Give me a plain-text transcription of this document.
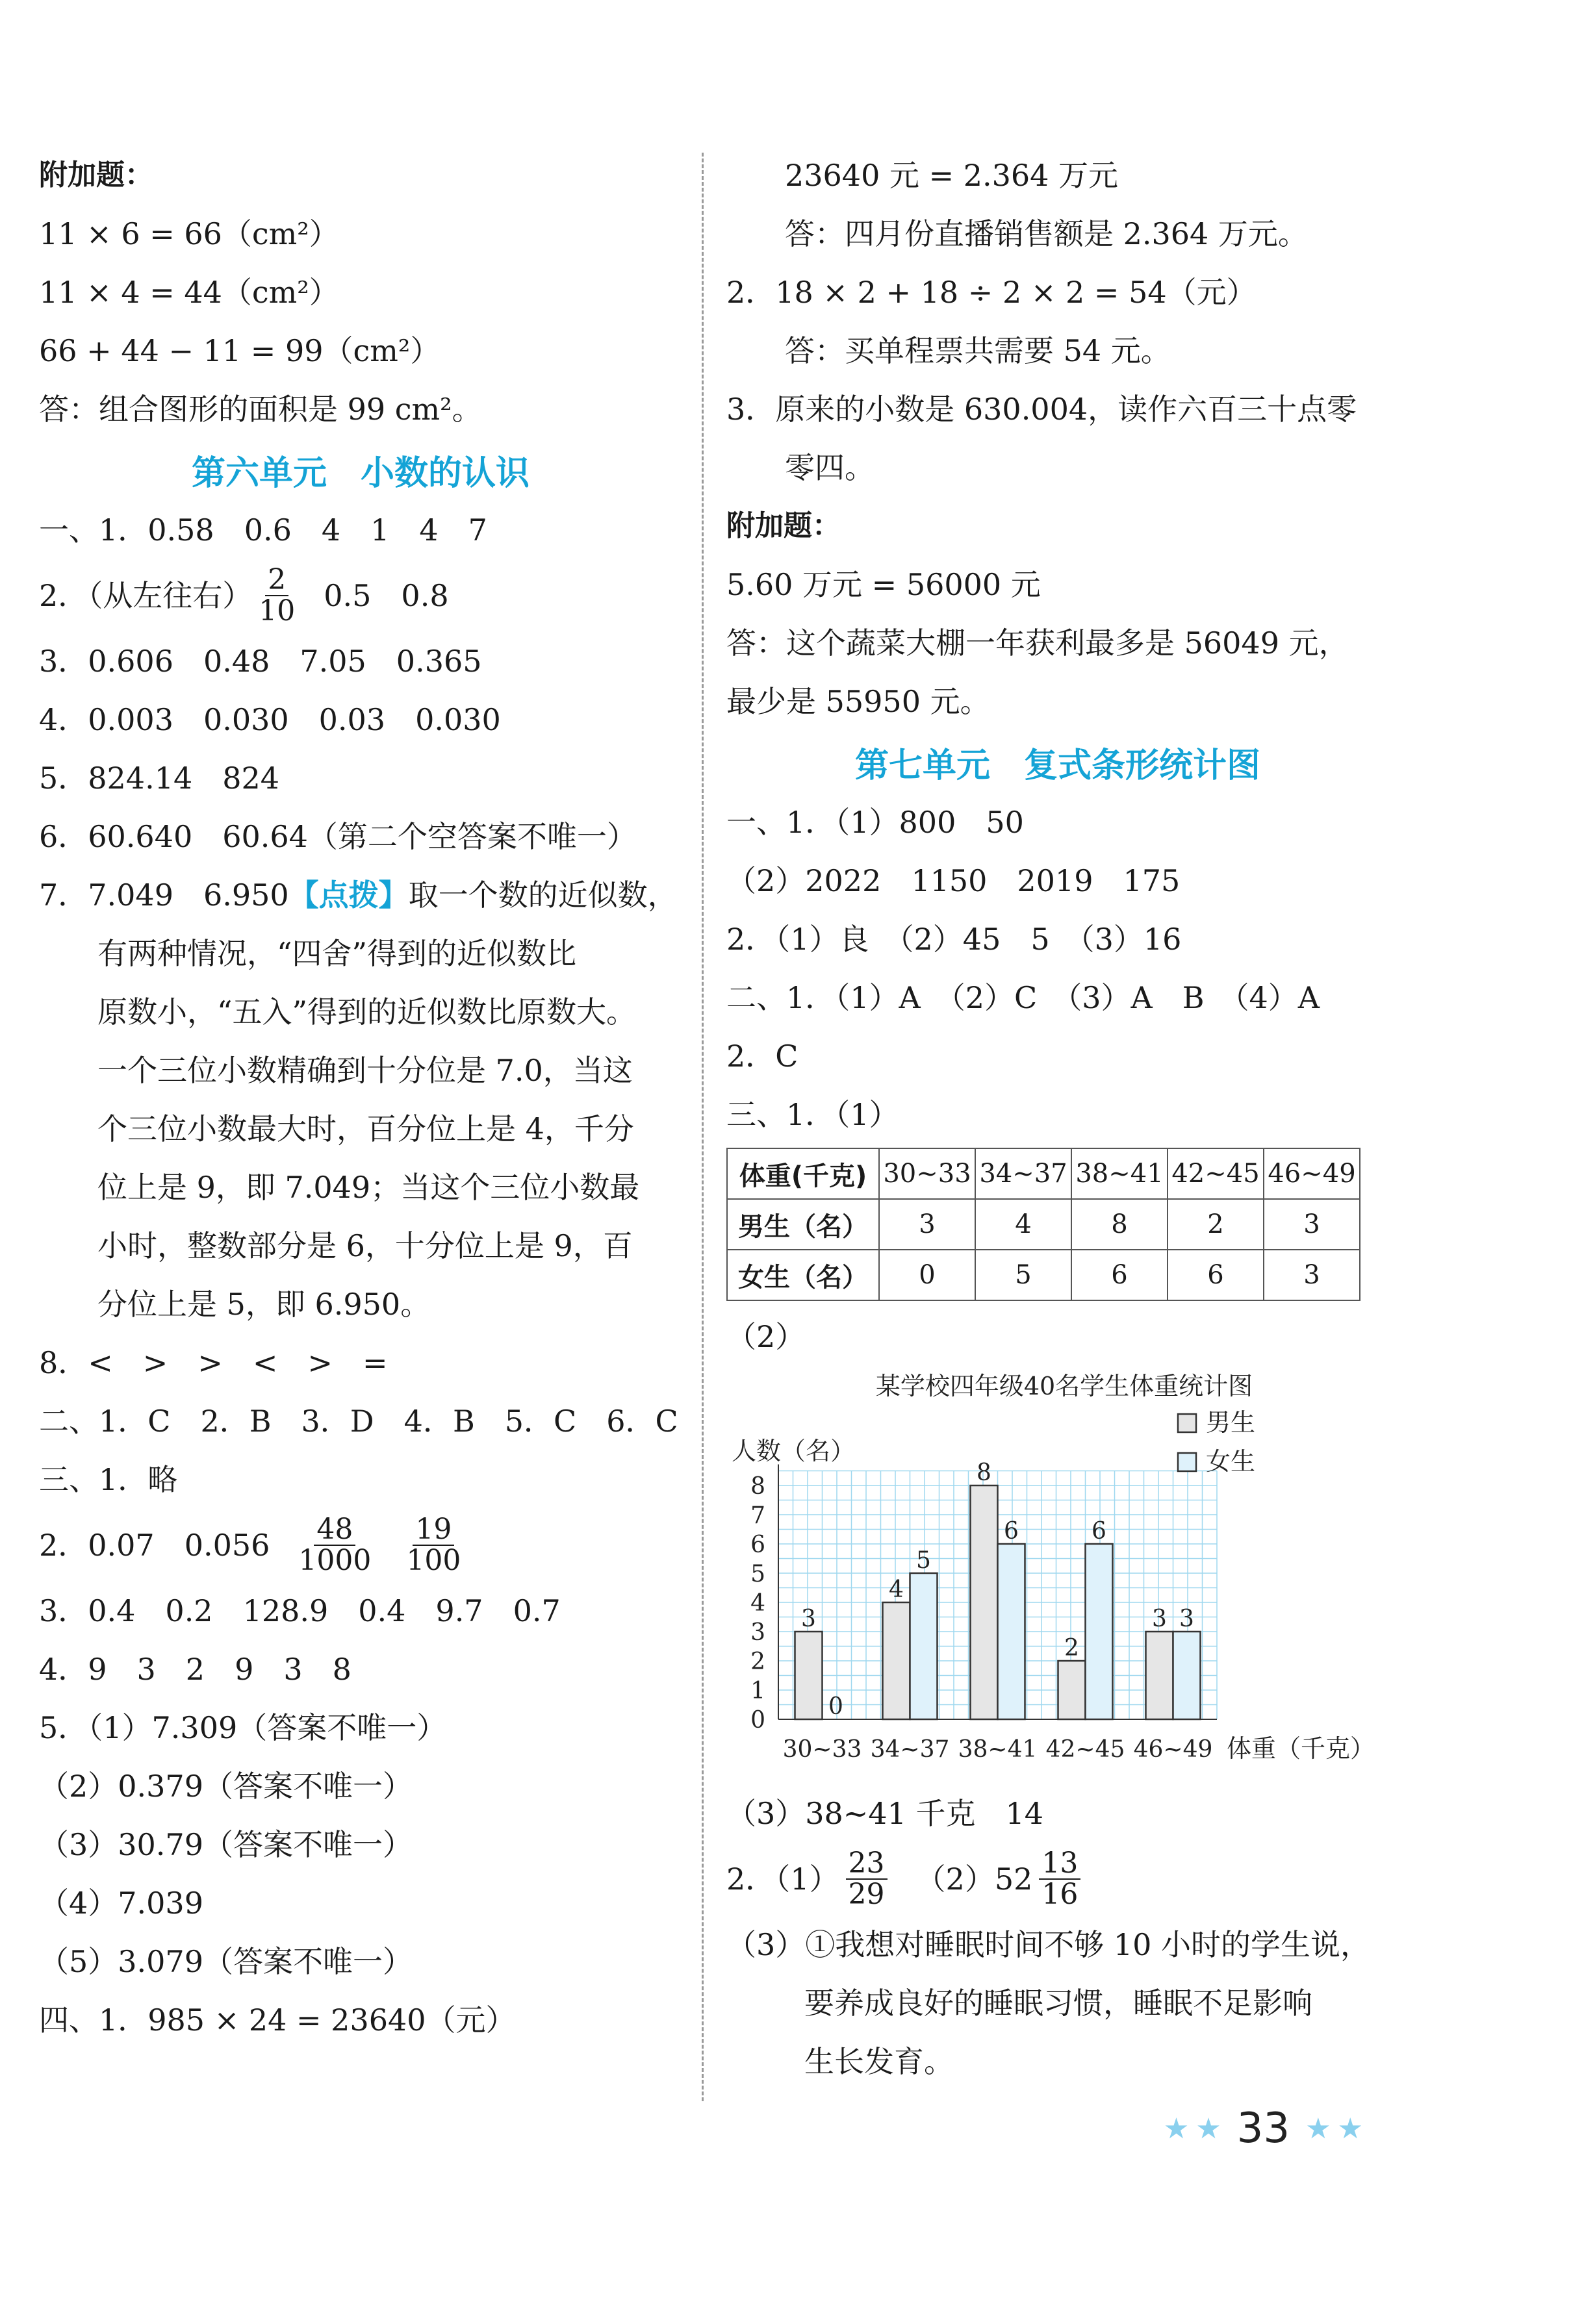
附加题：
11 × 6 = 66（cm²）
11 × 4 = 44（cm²）
66 + 44 − 11 = 99（cm²）
答：组合图形的面积是 99 cm²。
第六单元　小数的认识
一、1．0.58　0.6　4　1　4　7
2．（从左往右） $\frac{2}{10} 0.5$　0.8
3．0.606　0.48　7.05　0.365
4．0.003　0.030　0.03　0.030
5．824.14　824
6．60.640　60.64（第二个空答案不唯一）
7．7.049　6.950 【点拨】 取一个数的近似数，
有两种情况，“四舍”得到的近似数比
原数小，“五入”得到的近似数比原数大。
一个三位小数精确到十分位是 7.0，当这
个三位小数最大时，百分位上是 4，千分
位上是 9，即 7.049；当这个三位小数最
小时，整数部分是 6，十分位上是 9，百
分位上是 5，即 6.950。
8．<　>　>　<　>　=
二、1．C　2．B　3．D　4．B　5．C　6．C
三、1．略
2．0.07　$0.056 \frac{48}{1000} \frac{19}{100}$
3．0.4　0.2　128.9　0.4　9.7　0.7
4．9　3　2　9　3　8
5．（1）7.309（答案不唯一）
（2）0.379（答案不唯一）
（3）30.79（答案不唯一）
（4）7.039
（5）3.079（答案不唯一）
四、1．985 × 24 = 23640（元）
23640 元 = 2.364 万元
答：四月份直播销售额是 2.364 万元。
2．18 × 2 + 18 ÷ 2 × 2 = 54（元）
答：买单程票共需要 54 元。
3．原来的小数是 630.004，读作六百三十点零
零四。
附加题：
5.60 万元 = 56000 元
答：这个蔬菜大棚一年获利最多是 56049 元，
最少是 55950 元。
第七单元　复式条形统计图
一、1．（1）800　50
（2）2022　1150　2019　175
2．（1）良　（2）45　5　（3）16
二、1．（1）A　（2）C　（3）A　B　（4）A
2．C
三、1．（1）
体重(千克)	30~33	34~37	38~41	42~45	46~49
男生（名）	3	4	8	2	3
女生（名）	0	5	6	6	3
（2）
某学校四年级40名学生体重统计图
人数（名）
0
1
2
3
4
5
6
7
8
3
4
8
2
3
0
5
6	6
3
30~33 34~37 38~41 42~45 46~49 体重（千克）
男生
女生
（3）38~41 千克　14
2．$(1) \frac{23}{29} (2)52 \frac{13}{16}$
（3）①我想对睡眠时间不够 10 小时的学生说，
要养成良好的睡眠习惯，睡眠不足影响
生长发育。
★ ★ 33 ★ ★
